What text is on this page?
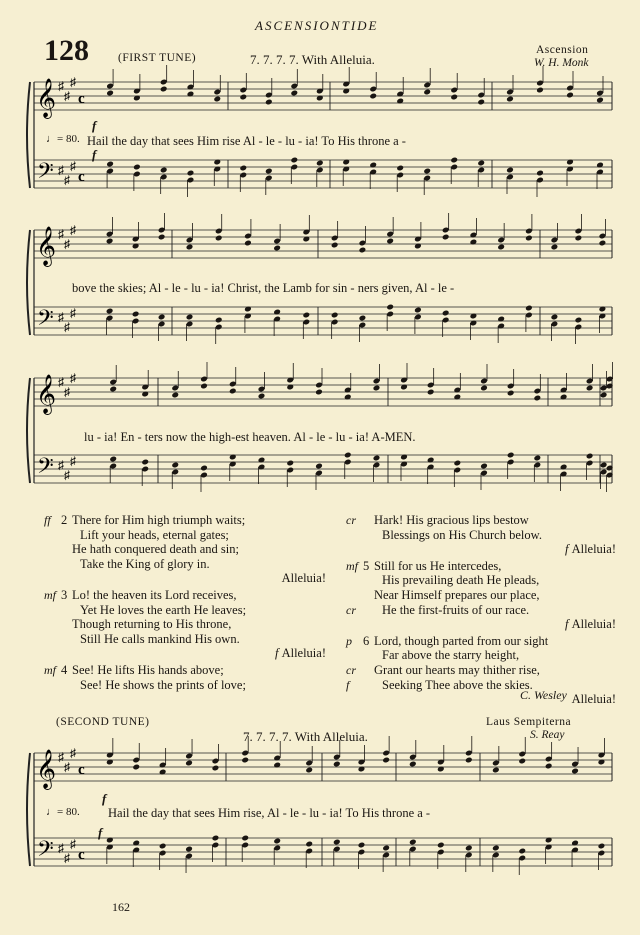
ASCENSIONTIDE
128	(FIRST TUNE)	7. 7. 7. 7. With Alleluia.
Ascension
W. H. Monk
𝄞
𝄢
♯
♯
♯
♯
♯
♯
c
c
𝄞
𝄢
♯
♯
♯
♯
♯
♯
𝄞
𝄢
♯
♯
♯
♯
♯
♯
𝄞
𝄢
♯
♯
♯
♯
♯
♯
c
c
♩= 80.
f
f
Hail the day that sees Him rise Al - le - lu - ia! To His throne a -
bove the skies; Al - le - lu - ia! Christ, the Lamb for sin - ners given, Al - le -
lu - ia! En - ters now the high-est heaven. Al - le - lu - ia! A-MEN.
ff 2 There for Him high triumph waits;
Lift your heads, eternal gates;
He hath conquered death and sin;
Take the King of glory in.
Alleluia!
mf 3 Lo! the heaven its Lord receives,
Yet He loves the earth He leaves;
Though returning to His throne,
Still He calls mankind His own.
f Alleluia!
mf 4 See! He lifts His hands above;
See! He shows the prints of love;
cr Hark! His gracious lips bestow
Blessings on His Church below.
f Alleluia!
mf 5 Still for us He intercedes,
His prevailing death He pleads,
Near Himself prepares our place,
cr He the first-fruits of our race.
f Alleluia!
p 6 Lord, though parted from our sight
Far above the starry height,
cr Grant our hearts may thither rise,
f	Seeking Thee above the skies.
Alleluia!
C. Wesley
(SECOND TUNE)
7. 7. 7. 7. With Alleluia.
Laus Sempiterna
S. Reay
♩= 80.
f
f
Hail the day that sees Him rise, Al - le - lu - ia! To His throne a -
162
